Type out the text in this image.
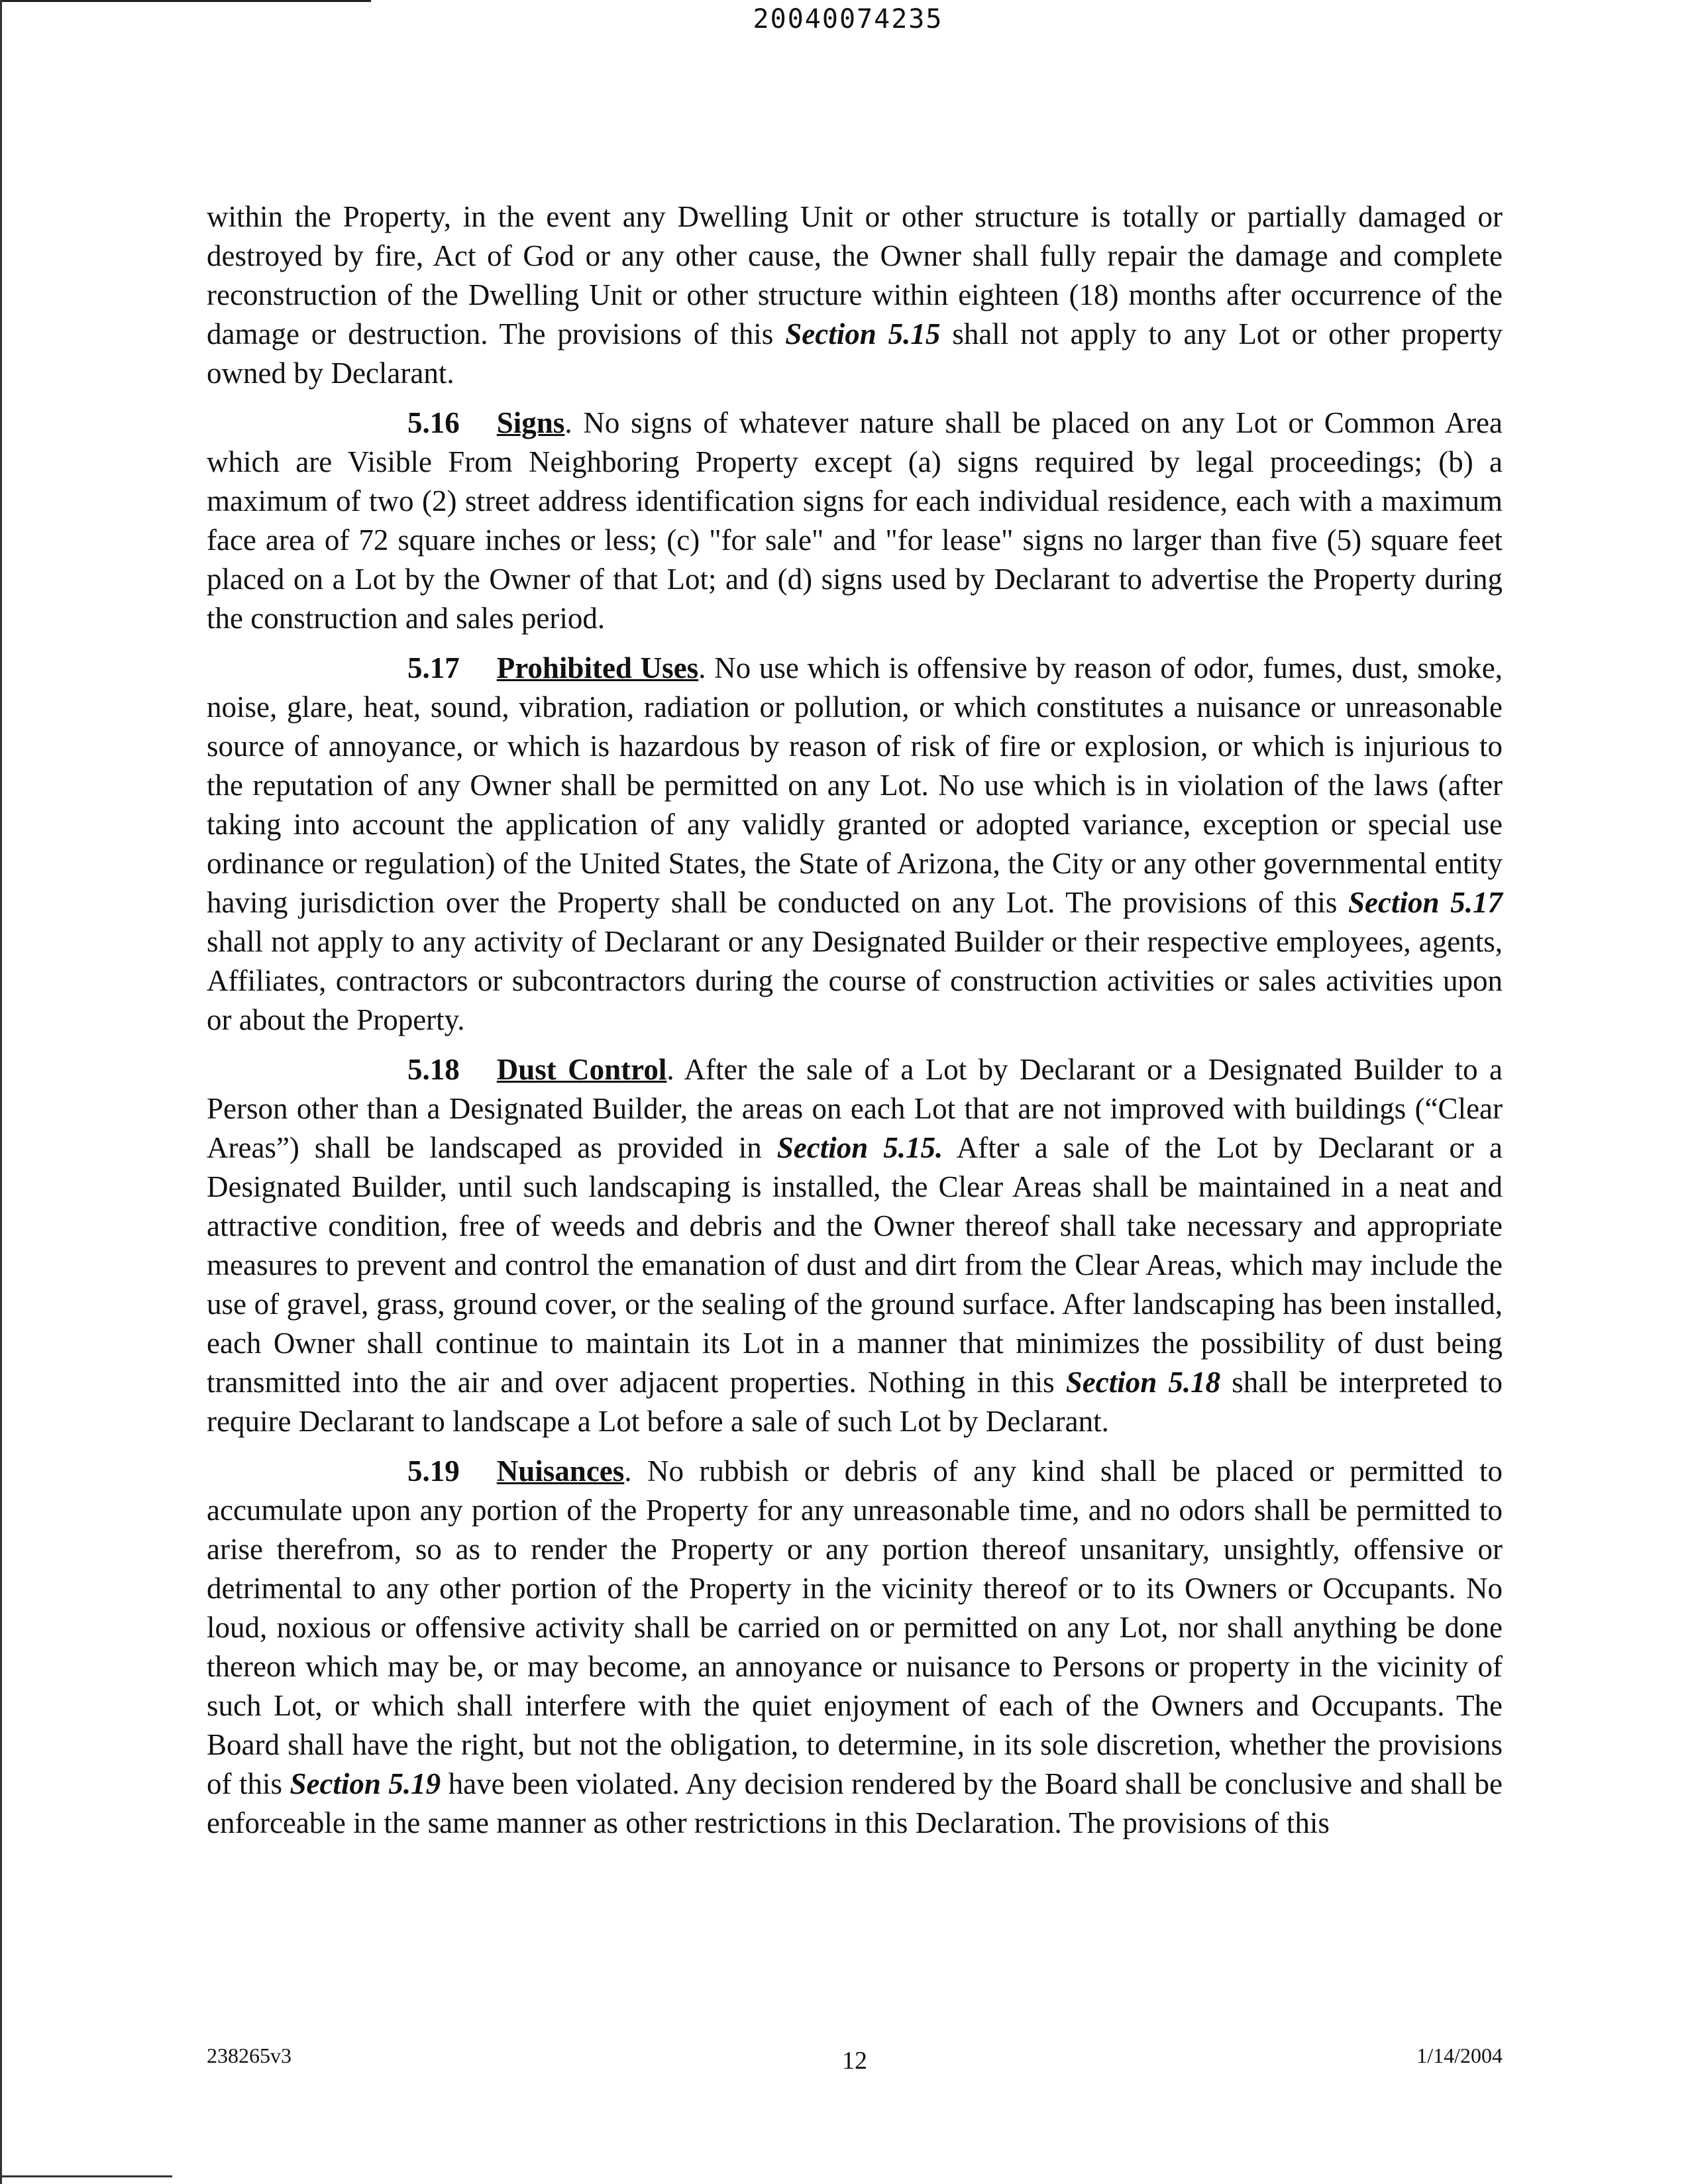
20040074235

within the Property, in the event any Dwelling Unit or other structure is totally or partially damaged or destroyed by fire, Act of God or any other cause, the Owner shall fully repair the damage and complete reconstruction of the Dwelling Unit or other structure within eighteen (18) months after occurrence of the damage or destruction. The provisions of this Section 5.15 shall not apply to any Lot or other property owned by Declarant.

5.16 Signs. No signs of whatever nature shall be placed on any Lot or Common Area which are Visible From Neighboring Property except (a) signs required by legal proceedings; (b) a maximum of two (2) street address identification signs for each individual residence, each with a maximum face area of 72 square inches or less; (c) "for sale" and "for lease" signs no larger than five (5) square feet placed on a Lot by the Owner of that Lot; and (d) signs used by Declarant to advertise the Property during the construction and sales period.

5.17 Prohibited Uses. No use which is offensive by reason of odor, fumes, dust, smoke, noise, glare, heat, sound, vibration, radiation or pollution, or which constitutes a nuisance or unreasonable source of annoyance, or which is hazardous by reason of risk of fire or explosion, or which is injurious to the reputation of any Owner shall be permitted on any Lot. No use which is in violation of the laws (after taking into account the application of any validly granted or adopted variance, exception or special use ordinance or regulation) of the United States, the State of Arizona, the City or any other governmental entity having jurisdiction over the Property shall be conducted on any Lot. The provisions of this Section 5.17 shall not apply to any activity of Declarant or any Designated Builder or their respective employees, agents, Affiliates, contractors or subcontractors during the course of construction activities or sales activities upon or about the Property.

5.18 Dust Control. After the sale of a Lot by Declarant or a Designated Builder to a Person other than a Designated Builder, the areas on each Lot that are not improved with buildings (“Clear Areas”) shall be landscaped as provided in Section 5.15. After a sale of the Lot by Declarant or a Designated Builder, until such landscaping is installed, the Clear Areas shall be maintained in a neat and attractive condition, free of weeds and debris and the Owner thereof shall take necessary and appropriate measures to prevent and control the emanation of dust and dirt from the Clear Areas, which may include the use of gravel, grass, ground cover, or the sealing of the ground surface. After landscaping has been installed, each Owner shall continue to maintain its Lot in a manner that minimizes the possibility of dust being transmitted into the air and over adjacent properties. Nothing in this Section 5.18 shall be interpreted to require Declarant to landscape a Lot before a sale of such Lot by Declarant.

5.19 Nuisances. No rubbish or debris of any kind shall be placed or permitted to accumulate upon any portion of the Property for any unreasonable time, and no odors shall be permitted to arise therefrom, so as to render the Property or any portion thereof unsanitary, unsightly, offensive or detrimental to any other portion of the Property in the vicinity thereof or to its Owners or Occupants. No loud, noxious or offensive activity shall be carried on or permitted on any Lot, nor shall anything be done thereon which may be, or may become, an annoyance or nuisance to Persons or property in the vicinity of such Lot, or which shall interfere with the quiet enjoyment of each of the Owners and Occupants. The Board shall have the right, but not the obligation, to determine, in its sole discretion, whether the provisions of this Section 5.19 have been violated. Any decision rendered by the Board shall be conclusive and shall be enforceable in the same manner as other restrictions in this Declaration. The provisions of this

238265v3	12	1/14/2004
